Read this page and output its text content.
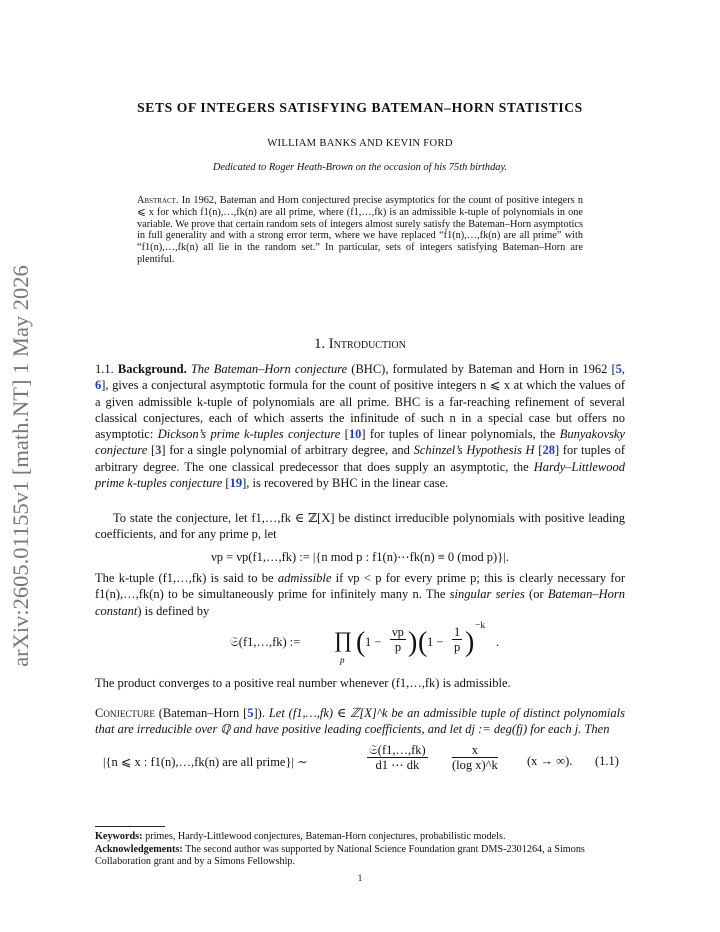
arXiv:2605.01155v1 [math.NT] 1 May 2026
SETS OF INTEGERS SATISFYING BATEMAN–HORN STATISTICS
WILLIAM BANKS AND KEVIN FORD
Dedicated to Roger Heath-Brown on the occasion of his 75th birthday.
Abstract. In 1962, Bateman and Horn conjectured precise asymptotics for the count of positive integers n ⩽ x for which f1(n),…,fk(n) are all prime, where (f1,…,fk) is an admissible k-tuple of polynomials in one variable. We prove that certain random sets of integers almost surely satisfy the Bateman–Horn asymptotics in full generality and with a strong error term, where we have replaced “f1(n),…,fk(n) are all prime” with “f1(n),…,fk(n) all lie in the random set.” In particular, sets of integers satisfying Bateman–Horn are plentiful.
1. Introduction
1.1. Background. The Bateman–Horn conjecture (BHC), formulated by Bateman and Horn in 1962 [5, 6], gives a conjectural asymptotic formula for the count of positive integers n ⩽ x at which the values of a given admissible k-tuple of polynomials are all prime. BHC is a far-reaching refinement of several classical conjectures, each of which asserts the infinitude of such n in a special case but offers no asymptotic: Dickson’s prime k-tuples conjecture [10] for tuples of linear polynomials, the Bunyakovsky conjecture [3] for a single polynomial of arbitrary degree, and Schinzel’s Hypothesis H [28] for tuples of arbitrary degree. The one classical predecessor that does supply an asymptotic, the Hardy–Littlewood prime k-tuples conjecture [19], is recovered by BHC in the linear case.
To state the conjecture, let f1,…,fk ∈ ℤ[X] be distinct irreducible polynomials with positive leading coefficients, and for any prime p, let
νp = νp(f1,…,fk) := |{n mod p : f1(n)⋯fk(n) ≡ 0 (mod p)}|.
The k-tuple (f1,…,fk) is said to be admissible if νp < p for every prime p; this is clearly necessary for f1(n),…,fk(n) to be simultaneously prime for infinitely many n. The singular series (or Bateman–Horn constant) is defined by
𝔖(f1,…,fk) := ∏
p
( $1 - \frac{\nu p}{p}$ ) ( $1 - \frac{1}{p}$ )
−k
.
The product converges to a positive real number whenever (f1,…,fk) is admissible.
Conjecture (Bateman–Horn [5]). Let (f1,…,fk) ∈ ℤ[X]^k be an admissible tuple of distinct polynomials that are irreducible over ℚ and have positive leading coefficients, and let dj := deg(fj) for each j. Then
|{n ⩽ x : f1(n),…,fk(n) are all prime}| ∼
𝔖(f1,…,fk)
d1 ⋯ dk	$\frac{x}{\text{(log x)\textasciicircum{}k}} (x$ → ∞). (1.1)
Keywords: primes, Hardy-Littlewood conjectures, Bateman-Horn conjectures, probabilistic models.
Acknowledgements: The second author was supported by National Science Foundation grant DMS-2301264, a Simons Collaboration grant and by a Simons Fellowship.
1
